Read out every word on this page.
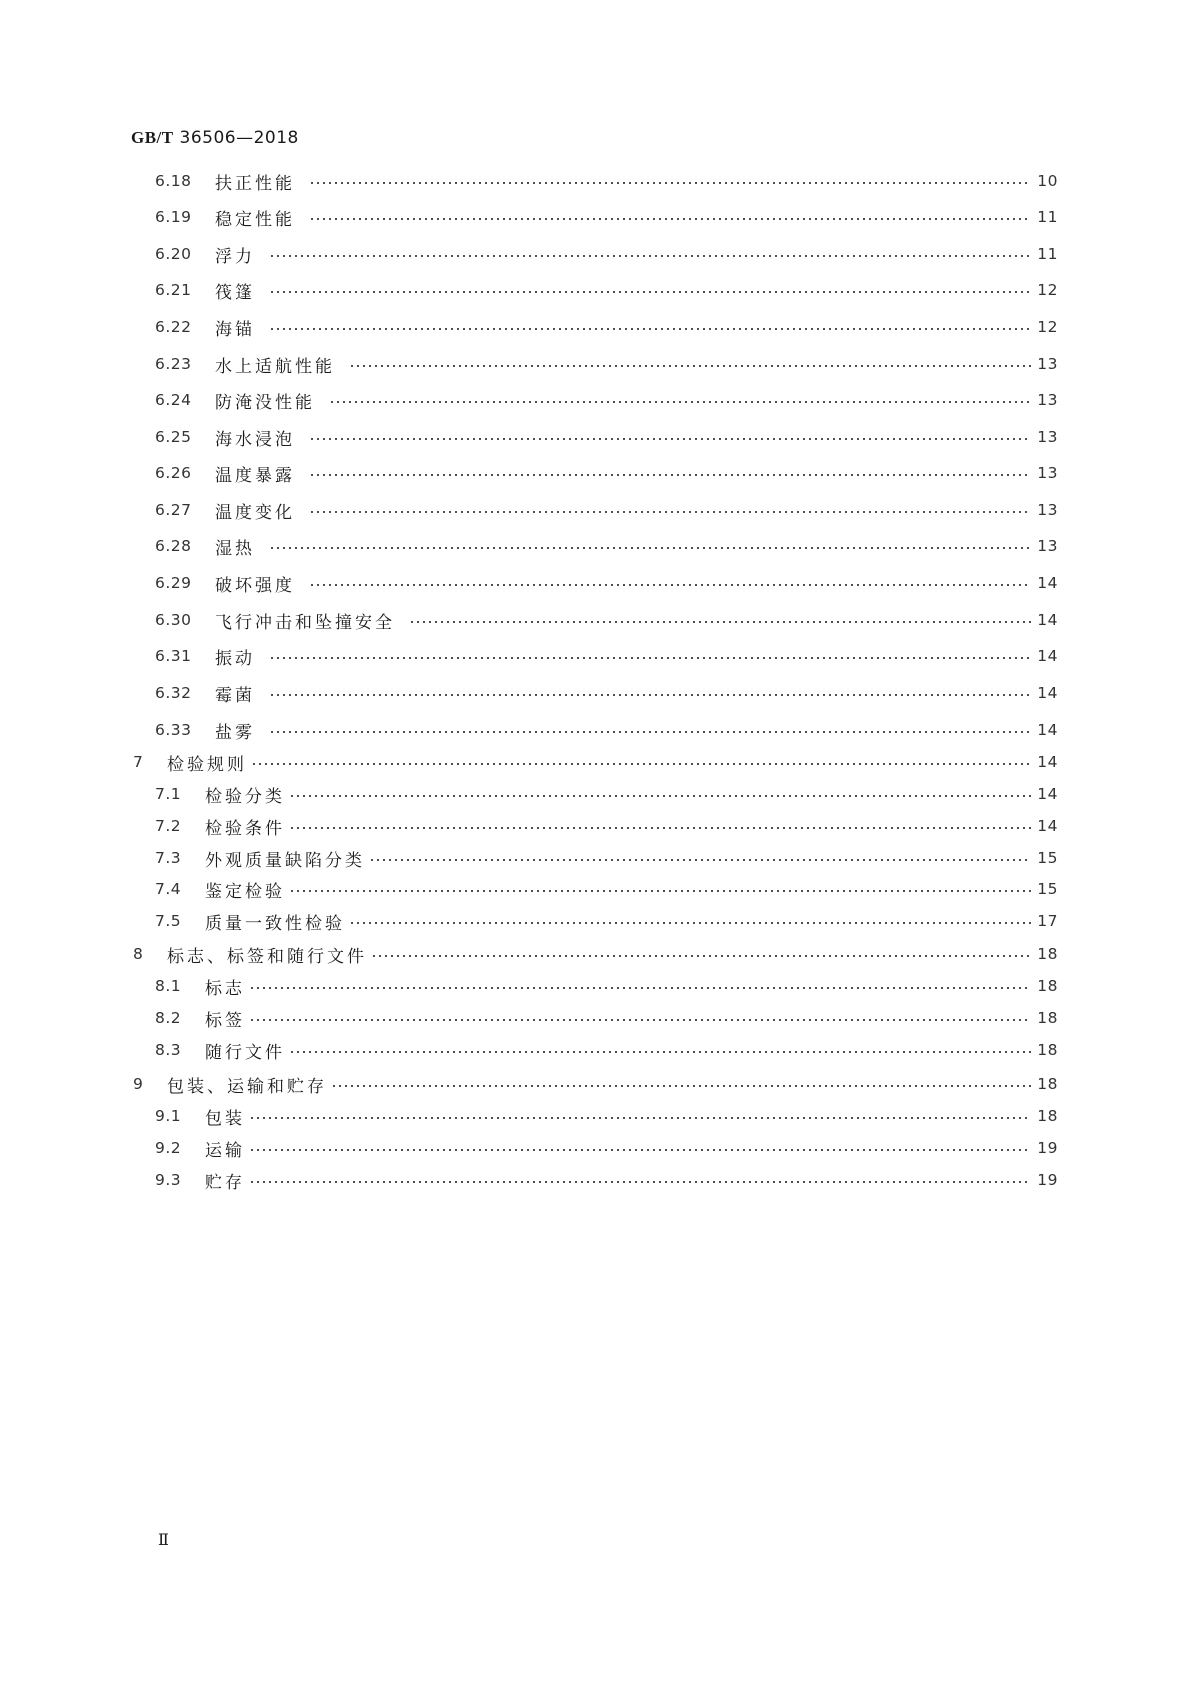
GB/T 36506—2018
6.18 扶正性能	10
6.19 稳定性能	11
6.20 浮力	11
6.21 筏篷	12
6.22 海锚	12
6.23 水上适航性能	13
6.24 防淹没性能	13
6.25 海水浸泡	13
6.26 温度暴露	13
6.27 温度变化	13
6.28 湿热	13
6.29 破坏强度	14
6.30 飞行冲击和坠撞安全	14
6.31 振动	14
6.32 霉菌	14
6.33 盐雾	14
7 检验规则	14
7.1 检验分类	14
7.2 检验条件	14
7.3 外观质量缺陷分类	15
7.4 鉴定检验	15
7.5 质量一致性检验	17
8 标志、标签和随行文件	18
8.1 标志	18
8.2 标签	18
8.3 随行文件	18
9 包装、运输和贮存	18
9.1 包装	18
9.2 运输	19
9.3 贮存	19
Ⅱ
